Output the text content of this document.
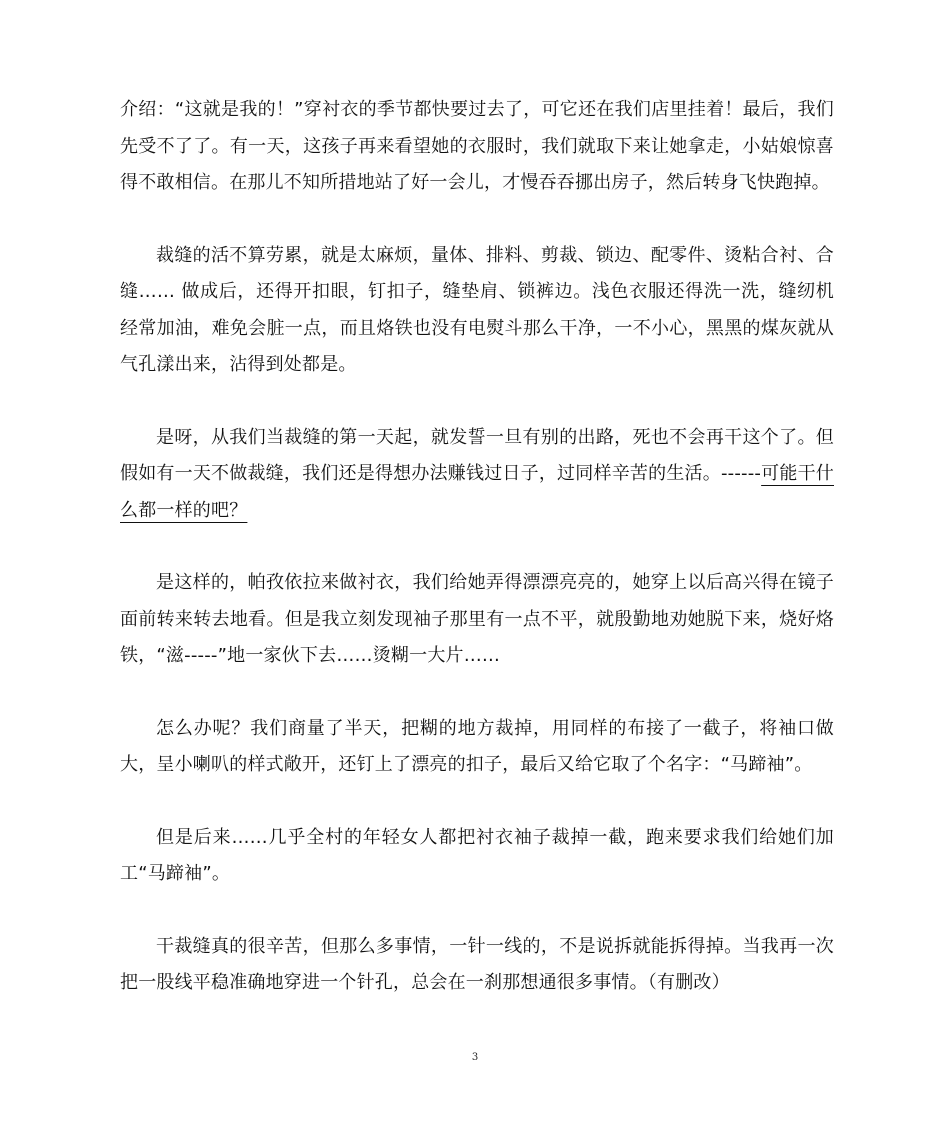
介绍：“这就是我的！”穿衬衣的季节都快要过去了，可它还在我们店里挂着！最后，我们先受不了了。有一天，这孩子再来看望她的衣服时，我们就取下来让她拿走，小姑娘惊喜得不敢相信。在那儿不知所措地站了好一会儿，才慢吞吞挪出房子，然后转身飞快跑掉。

裁缝的活不算劳累，就是太麻烦，量体、排料、剪裁、锁边、配零件、烫粘合衬、合缝…… 做成后，还得开扣眼，钉扣子，缝垫肩、锁裤边。浅色衣服还得洗一洗，缝纫机经常加油，难免会脏一点，而且烙铁也没有电熨斗那么干净，一不小心，黑黑的煤灰就从气孔漾出来，沾得到处都是。

是呀，从我们当裁缝的第一天起，就发誓一旦有别的出路，死也不会再干这个了。但假如有一天不做裁缝，我们还是得想办法赚钱过日子，过同样辛苦的生活。------可能干什么都一样的吧？

是这样的，帕孜依拉来做衬衣，我们给她弄得漂漂亮亮的，她穿上以后高兴得在镜子面前转来转去地看。但是我立刻发现袖子那里有一点不平，就殷勤地劝她脱下来，烧好烙铁，“滋-----”地一家伙下去……烫糊一大片……

怎么办呢？我们商量了半天，把糊的地方裁掉，用同样的布接了一截子，将袖口做大，呈小喇叭的样式敞开，还钉上了漂亮的扣子，最后又给它取了个名字：“马蹄袖”。

但是后来……几乎全村的年轻女人都把衬衣袖子裁掉一截，跑来要求我们给她们加工“马蹄袖”。

干裁缝真的很辛苦，但那么多事情，一针一线的，不是说拆就能拆得掉。当我再一次把一股线平稳准确地穿进一个针孔，总会在一刹那想通很多事情。（有删改）

3
